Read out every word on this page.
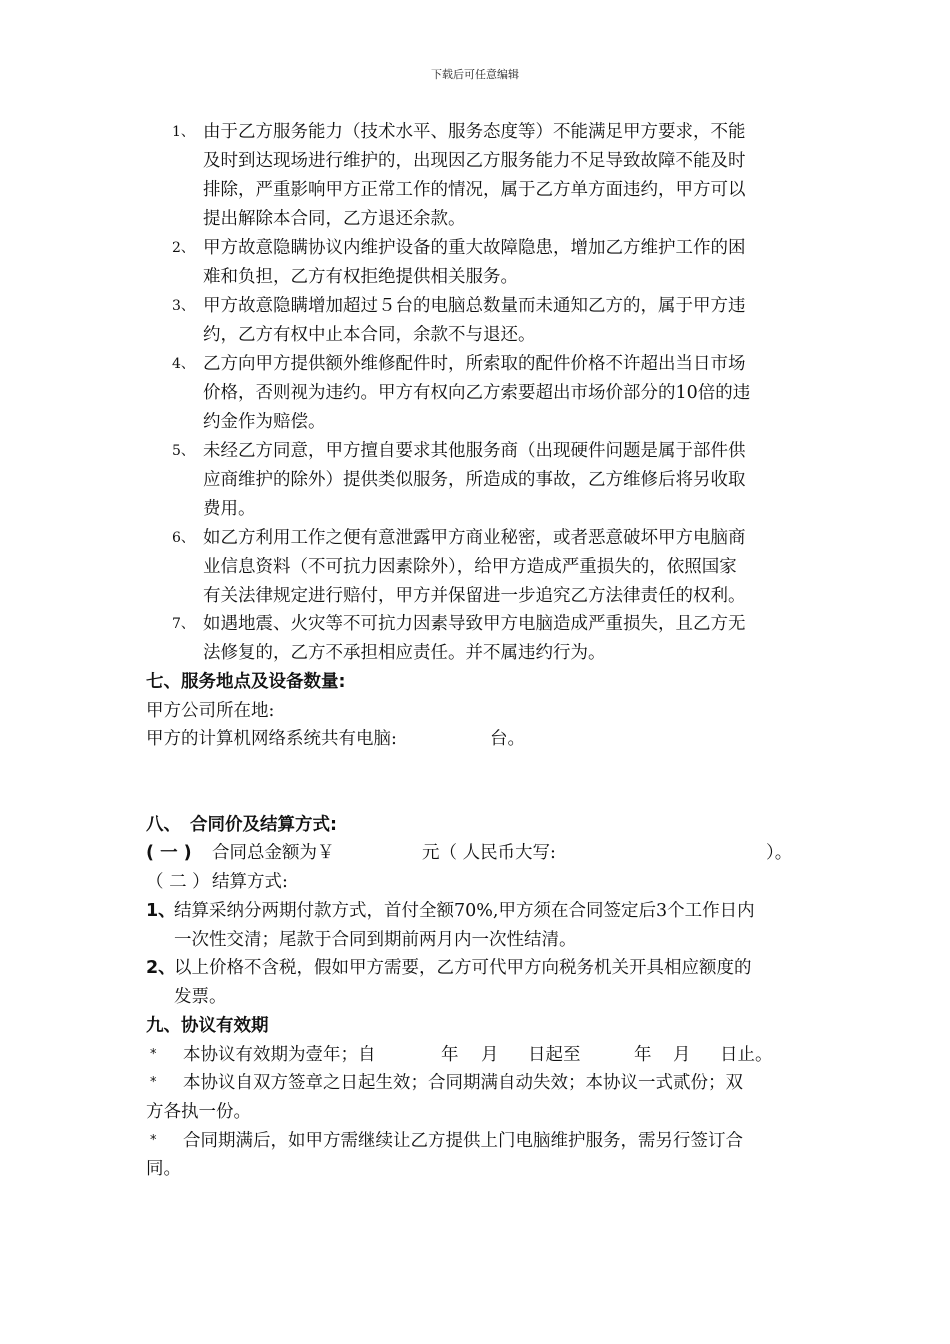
下载后可任意编辑
1、 由于乙方服务能力（技术水平、服务态度等）不能满足甲方要求，不能
及时到达现场进行维护的，出现因乙方服务能力不足导致故障不能及时
排除，严重影响甲方正常工作的情况，属于乙方单方面违约，甲方可以
提出解除本合同，乙方退还余款。
2、 甲方故意隐瞒协议内维护设备的重大故障隐患，增加乙方维护工作的困
难和负担，乙方有权拒绝提供相关服务。
3、 甲方故意隐瞒增加超过５台的电脑总数量而未通知乙方的，属于甲方违
约，乙方有权中止本合同，余款不与退还。
4、 乙方向甲方提供额外维修配件时，所索取的配件价格不许超出当日市场
价格，否则视为违约。甲方有权向乙方索要超出市场价部分的10倍的违
约金作为赔偿。
5、 未经乙方同意，甲方擅自要求其他服务商（出现硬件问题是属于部件供
应商维护的除外）提供类似服务，所造成的事故，乙方维修后将另收取
费用。
6、 如乙方利用工作之便有意泄露甲方商业秘密，或者恶意破坏甲方电脑商
业信息资料（不可抗力因素除外），给甲方造成严重损失的，依照国家
有关法律规定进行赔付，甲方并保留进一步追究乙方法律责任的权利。
7、 如遇地震、火灾等不可抗力因素导致甲方电脑造成严重损失，且乙方无
法修复的，乙方不承担相应责任。并不属违约行为。
七、服务地点及设备数量:
甲方公司所在地:
甲方的计算机网络系统共有电脑:	台。
八、 合同价及结算方式:
( 一 ) 合同总金额为￥	元（ 人民币大写:	）。
（ 二 ） 结算方式:
1、
结算采纳分两期付款方式，首付全额70%,甲方须在合同签定后3个工作日内
一次性交清；尾款于合同到期前两月内一次性结清。
2、
以上价格不含税，假如甲方需要，乙方可代甲方向税务机关开具相应额度的
发票。
九、协议有效期
* 本协议有效期为壹年；自	年 月 日起至	年 月 日止。
* 本协议自双方签章之日起生效；合同期满自动失效；本协议一式贰份；双
方各执一份。
* 合同期满后，如甲方需继续让乙方提供上门电脑维护服务，需另行签订合
同。
